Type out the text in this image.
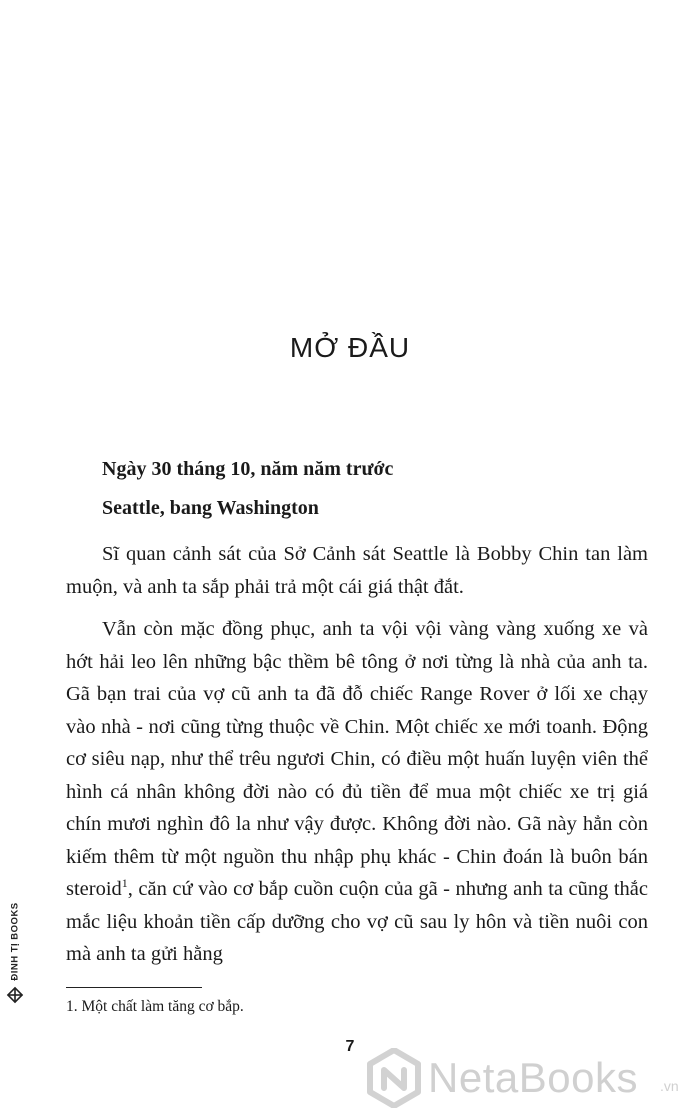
MỞ ĐẦU
Ngày 30 tháng 10, năm năm trước
Seattle, bang Washington

Sĩ quan cảnh sát của Sở Cảnh sát Seattle là Bobby Chin tan làm muộn, và anh ta sắp phải trả một cái giá thật đắt.

Vẫn còn mặc đồng phục, anh ta vội vội vàng vàng xuống xe và hớt hải leo lên những bậc thềm bê tông ở nơi từng là nhà của anh ta. Gã bạn trai của vợ cũ anh ta đã đỗ chiếc Range Rover ở lối xe chạy vào nhà - nơi cũng từng thuộc về Chin. Một chiếc xe mới toanh. Động cơ siêu nạp, như thể trêu ngươi Chin, có điều một huấn luyện viên thể hình cá nhân không đời nào có đủ tiền để mua một chiếc xe trị giá chín mươi nghìn đô la như vậy được. Không đời nào. Gã này hẳn còn kiếm thêm từ một nguồn thu nhập phụ khác - Chin đoán là buôn bán steroid$^1$, căn cứ vào cơ bắp cuồn cuộn của gã - nhưng anh ta cũng thắc mắc liệu khoản tiền cấp dưỡng cho vợ cũ sau ly hôn và tiền nuôi con mà anh ta gửi hằng

1. Một chất làm tăng cơ bắp.
7
ĐINH TỊ BOOKS
NetaBooks .vn
